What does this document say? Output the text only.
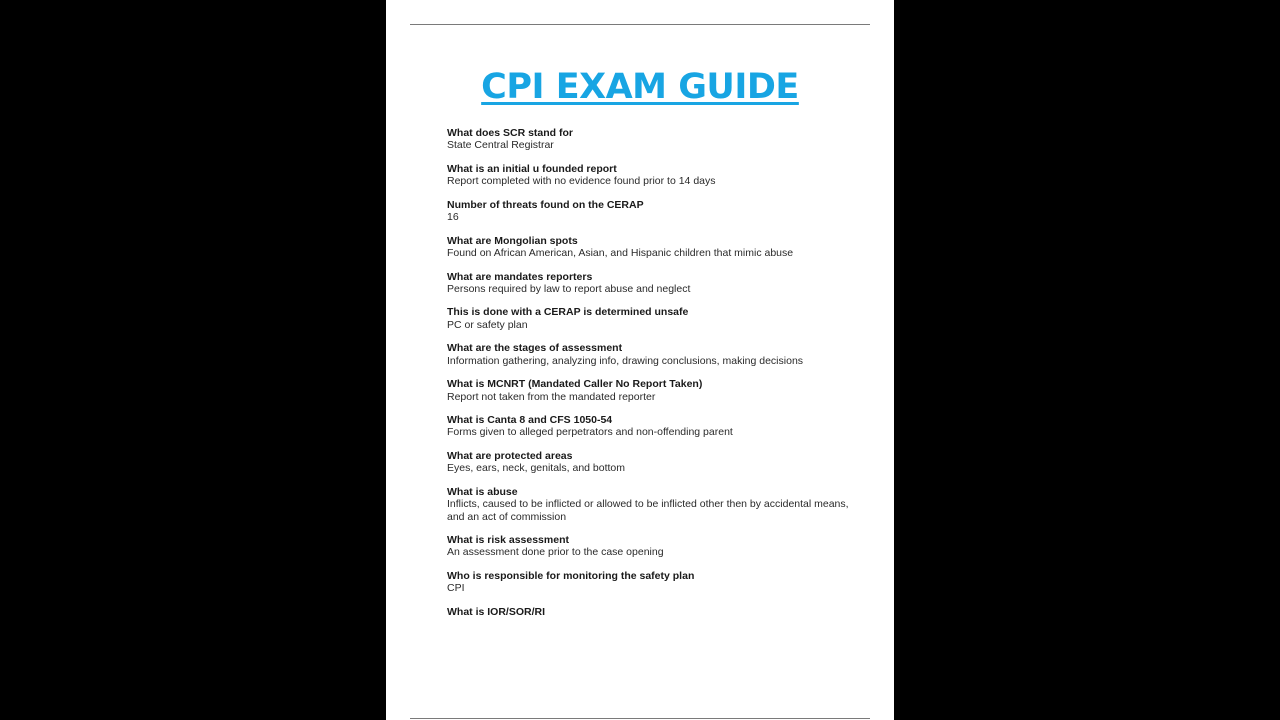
CPI EXAM GUIDE
What does SCR stand for
State Central Registrar
What is an initial u founded report
Report completed with no evidence found prior to 14 days
Number of threats found on the CERAP
16
What are Mongolian spots
Found on African American, Asian, and Hispanic children that mimic abuse
What are mandates reporters
Persons required by law to report abuse and neglect
This is done with a CERAP is determined unsafe
PC or safety plan
What are the stages of assessment
Information gathering, analyzing info, drawing conclusions, making decisions
What is MCNRT (Mandated Caller No Report Taken)
Report not taken from the mandated reporter
What is Canta 8 and CFS 1050-54
Forms given to alleged perpetrators and non-offending parent
What are protected areas
Eyes, ears, neck, genitals, and bottom
What is abuse
Inflicts, caused to be inflicted or allowed to be inflicted other then by accidental means, and an act of commission
What is risk assessment
An assessment done prior to the case opening
Who is responsible for monitoring the safety plan
CPI
What is IOR/SOR/RI
